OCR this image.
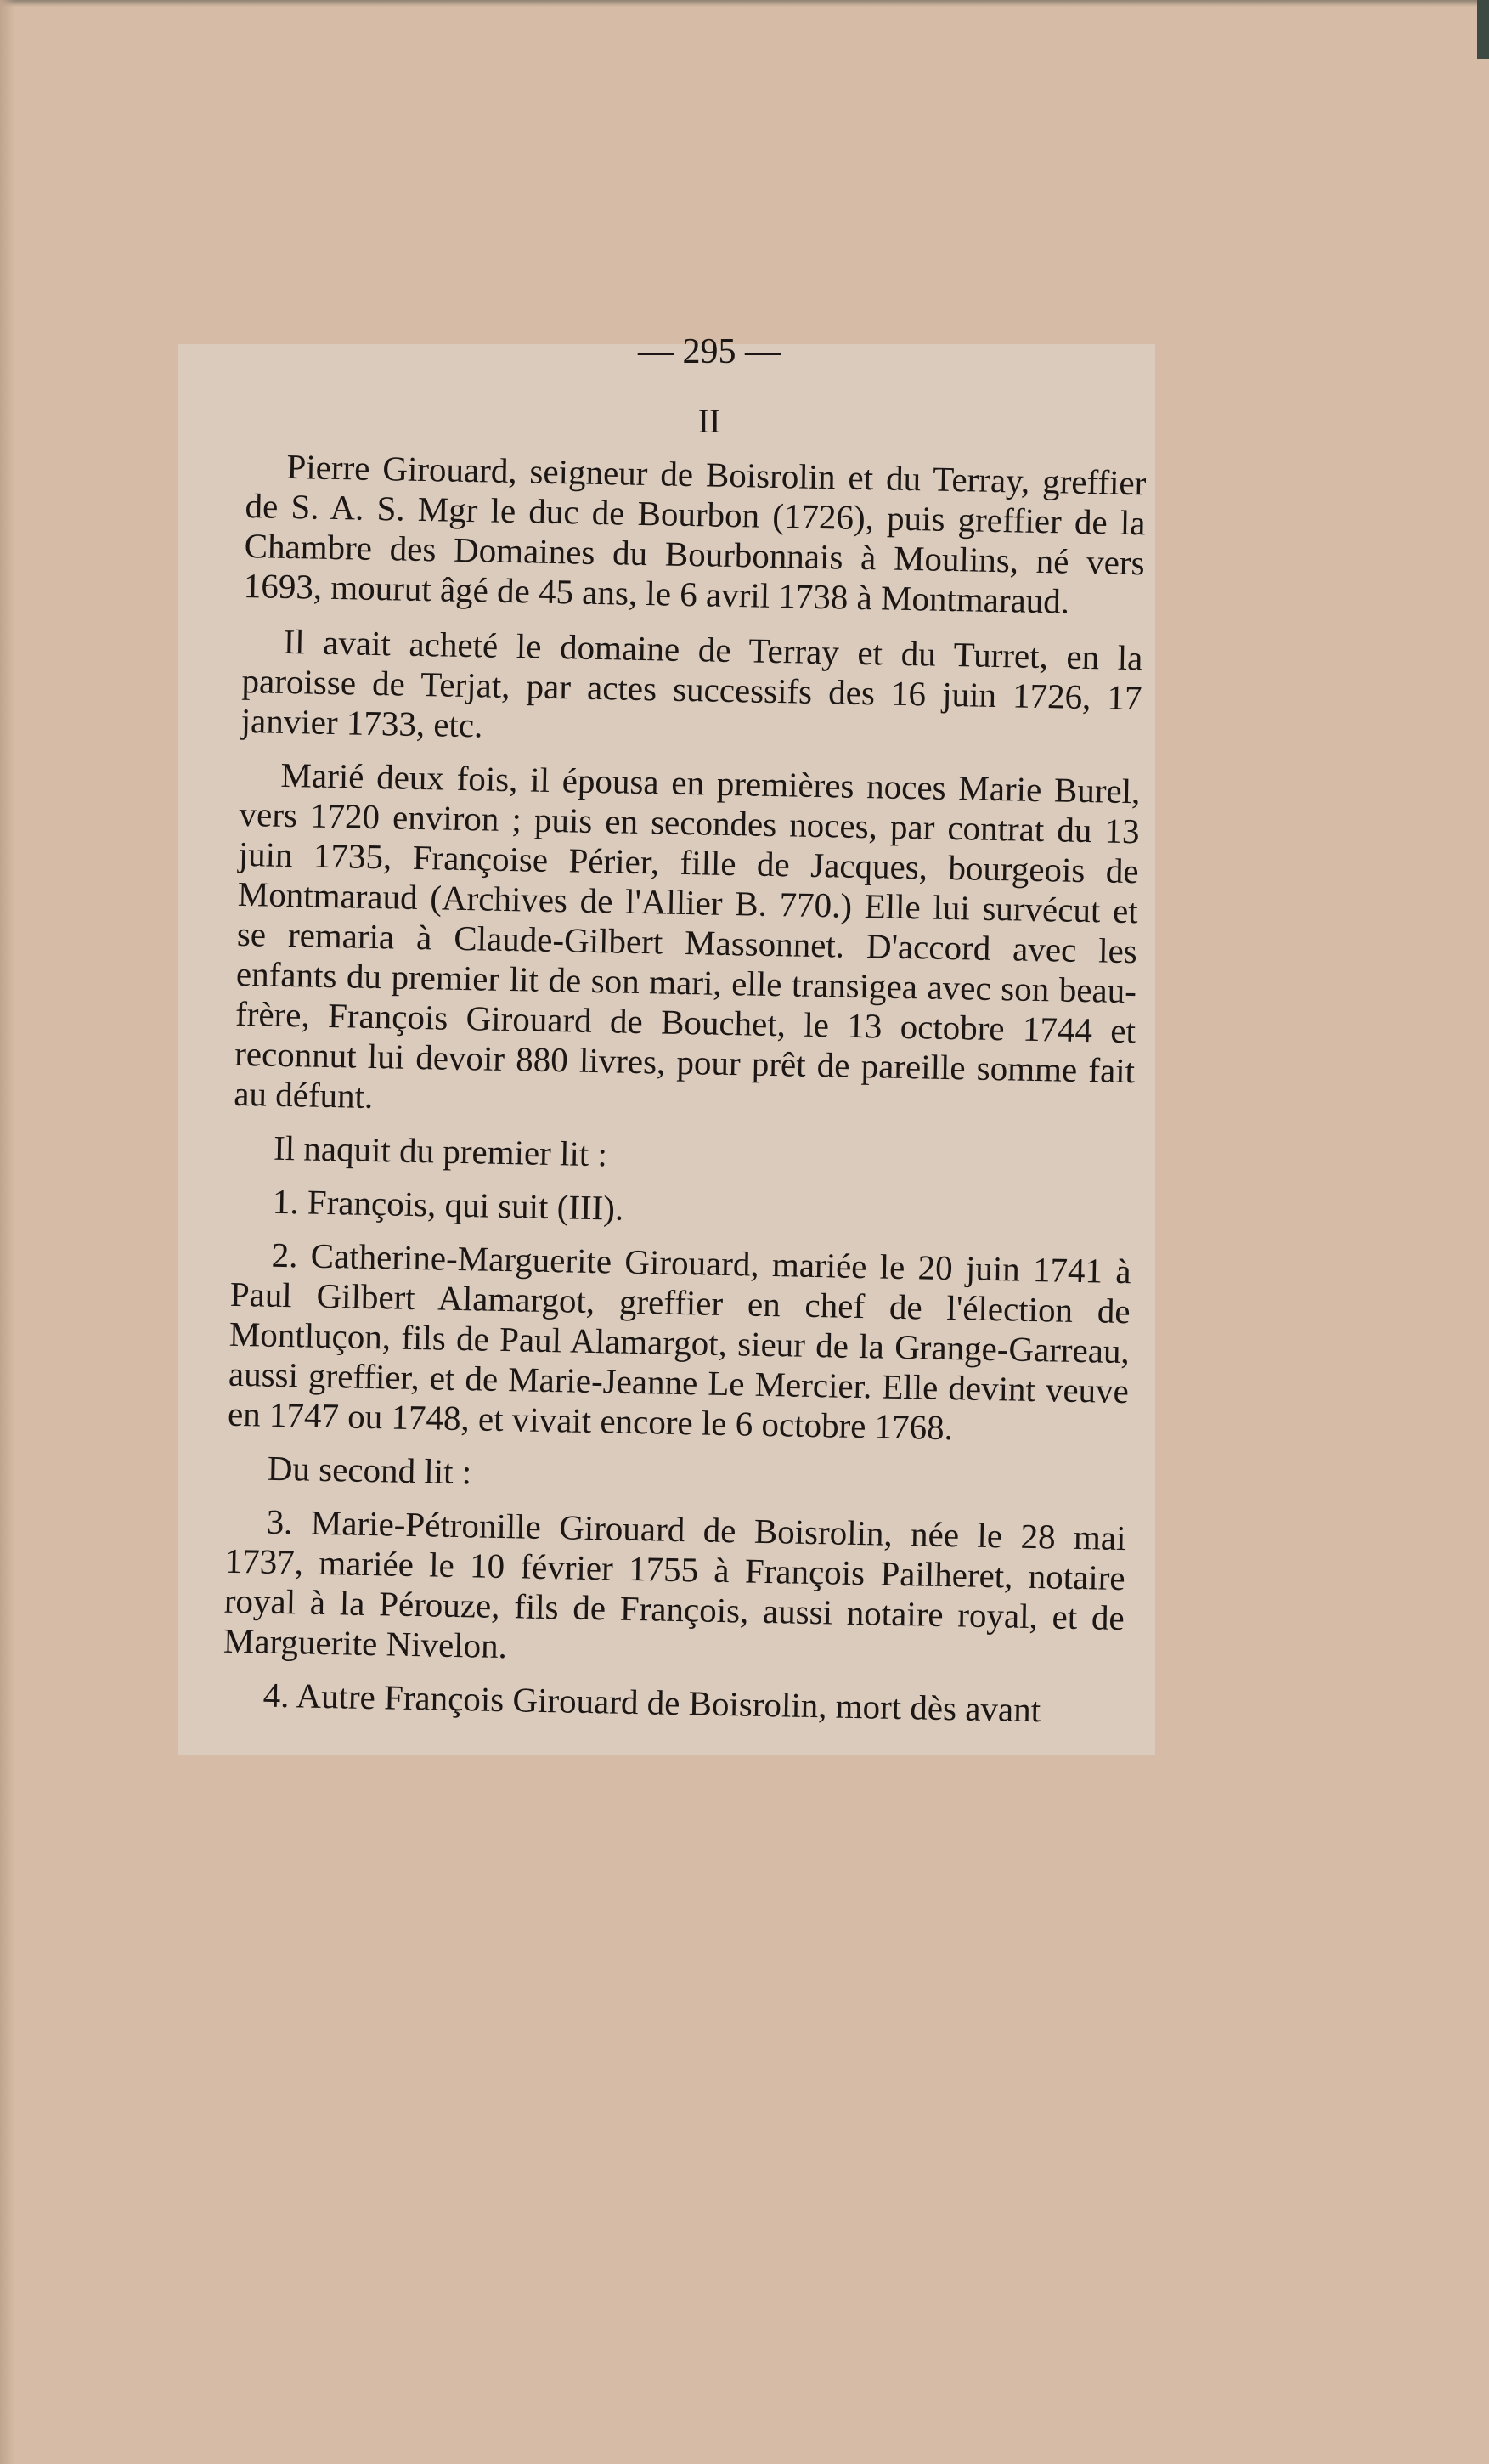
— 295 —
II

Pierre Girouard, seigneur de Boisrolin et du Terray, greffier de S. A. S. Mgr le duc de Bourbon (1726), puis greffier de la Chambre des Domaines du Bourbonnais à Moulins, né vers 1693, mourut âgé de 45 ans, le 6 avril 1738 à Montmaraud.

Il avait acheté le domaine de Terray et du Turret, en la paroisse de Terjat, par actes successifs des 16 juin 1726, 17 janvier 1733, etc.

Marié deux fois, il épousa en premières noces Marie Burel, vers 1720 environ ; puis en secondes noces, par contrat du 13 juin 1735, Françoise Périer, fille de Jacques, bourgeois de Montmaraud (Archives de l'Allier B. 770.) Elle lui survécut et se remaria à Claude-Gilbert Massonnet. D'accord avec les enfants du premier lit de son mari, elle transigea avec son beau-frère, François Girouard de Bouchet, le 13 octobre 1744 et reconnut lui devoir 880 livres, pour prêt de pareille somme fait au défunt.

Il naquit du premier lit :

1. François, qui suit (III).

2. Catherine-Marguerite Girouard, mariée le 20 juin 1741 à Paul Gilbert Alamargot, greffier en chef de l'élection de Montluçon, fils de Paul Alamargot, sieur de la Grange-Garreau, aussi greffier, et de Marie-Jeanne Le Mercier. Elle devint veuve en 1747 ou 1748, et vivait encore le 6 octobre 1768.

Du second lit :

3. Marie-Pétronille Girouard de Boisrolin, née le 28 mai 1737, mariée le 10 février 1755 à François Pailheret, notaire royal à la Pérouze, fils de François, aussi notaire royal, et de Marguerite Nivelon.

4. Autre François Girouard de Boisrolin, mort dès avant
